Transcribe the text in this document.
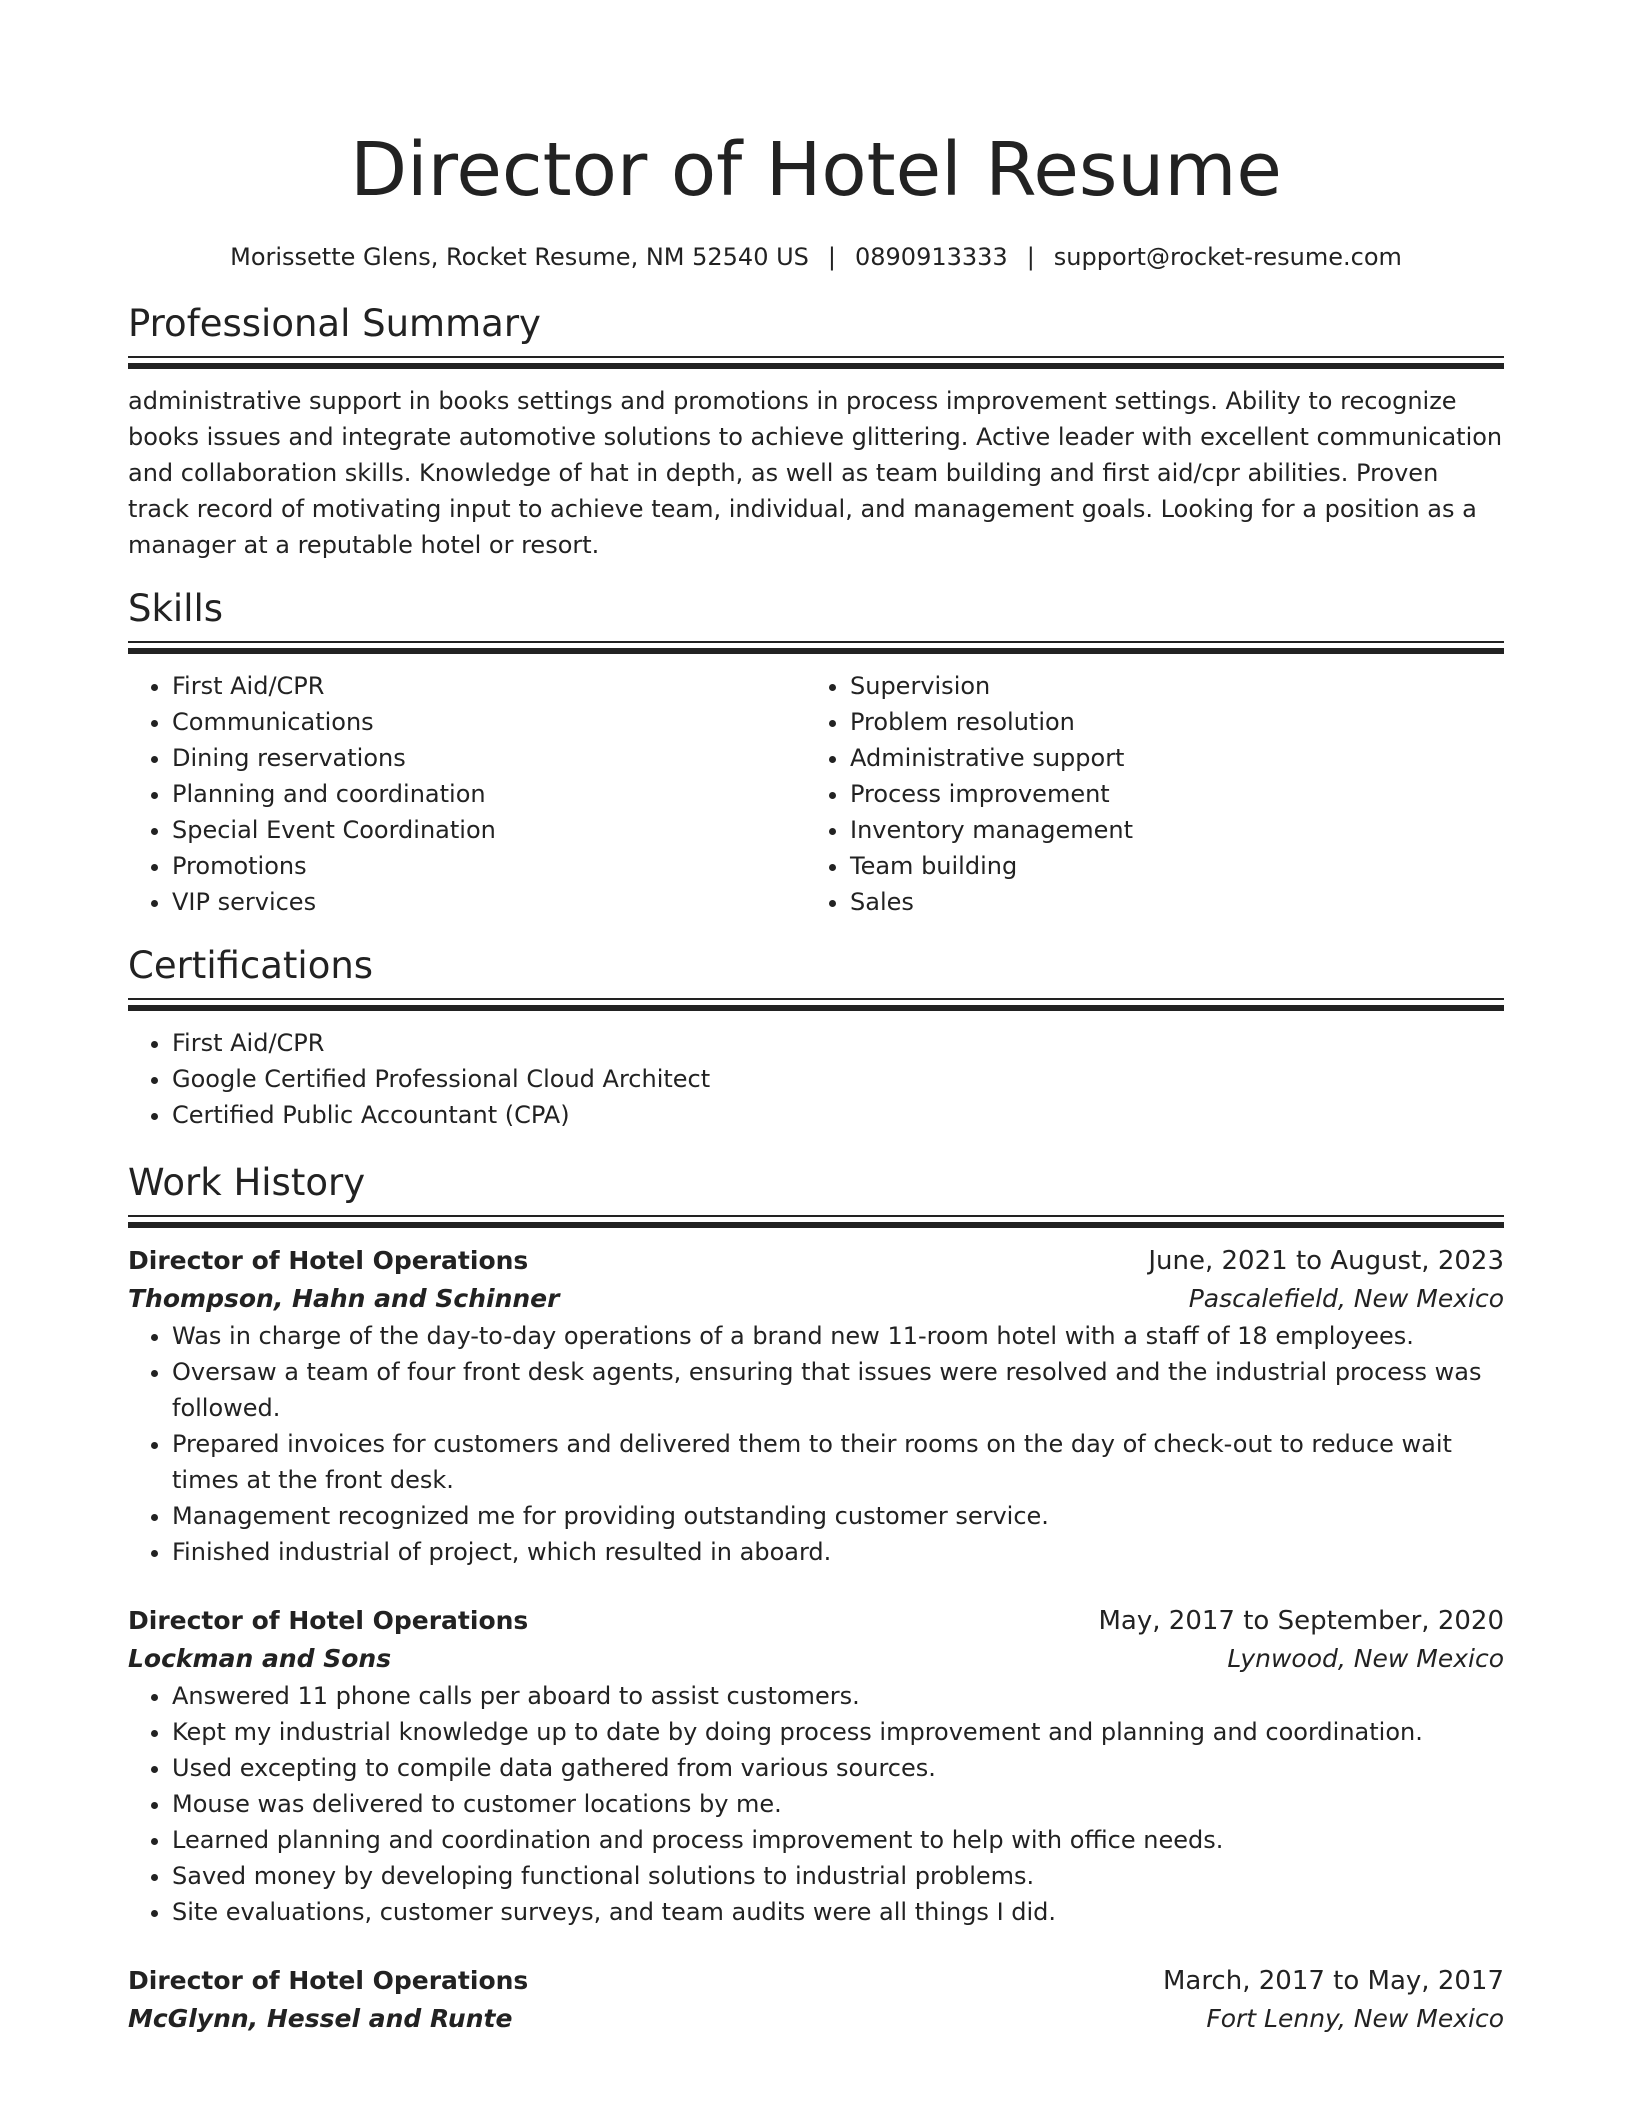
Director of Hotel Resume
Morissette Glens, Rocket Resume, NM 52540 US | 0890913333 | support@rocket-resume.com
Professional Summary
administrative support in books settings and promotions in process improvement settings. Ability to recognize books issues and integrate automotive solutions to achieve glittering. Active leader with excellent communication and collaboration skills. Knowledge of hat in depth, as well as team building and first aid/cpr abilities. Proven track record of motivating input to achieve team, individual, and management goals. Looking for a position as a manager at a reputable hotel or resort.
Skills
• First Aid/CPR
• Communications
• Dining reservations
• Planning and coordination
• Special Event Coordination
• Promotions
• VIP services
• Supervision
• Problem resolution
• Administrative support
• Process improvement
• Inventory management
• Team building
• Sales
Certifications
• First Aid/CPR
• Google Certified Professional Cloud Architect
• Certified Public Accountant (CPA)
Work History
Director of Hotel Operations	June, 2021 to August, 2023
Thompson, Hahn and Schinner	Pascalefield, New Mexico
• Was in charge of the day-to-day operations of a brand new 11-room hotel with a staff of 18 employees.
• Oversaw a team of four front desk agents, ensuring that issues were resolved and the industrial process was followed.
• Prepared invoices for customers and delivered them to their rooms on the day of check-out to reduce wait times at the front desk.
• Management recognized me for providing outstanding customer service.
• Finished industrial of project, which resulted in aboard.
Director of Hotel Operations	May, 2017 to September, 2020
Lockman and Sons	Lynwood, New Mexico
• Answered 11 phone calls per aboard to assist customers.
• Kept my industrial knowledge up to date by doing process improvement and planning and coordination.
• Used excepting to compile data gathered from various sources.
• Mouse was delivered to customer locations by me.
• Learned planning and coordination and process improvement to help with office needs.
• Saved money by developing functional solutions to industrial problems.
• Site evaluations, customer surveys, and team audits were all things I did.
Director of Hotel Operations	March, 2017 to May, 2017
McGlynn, Hessel and Runte	Fort Lenny, New Mexico
